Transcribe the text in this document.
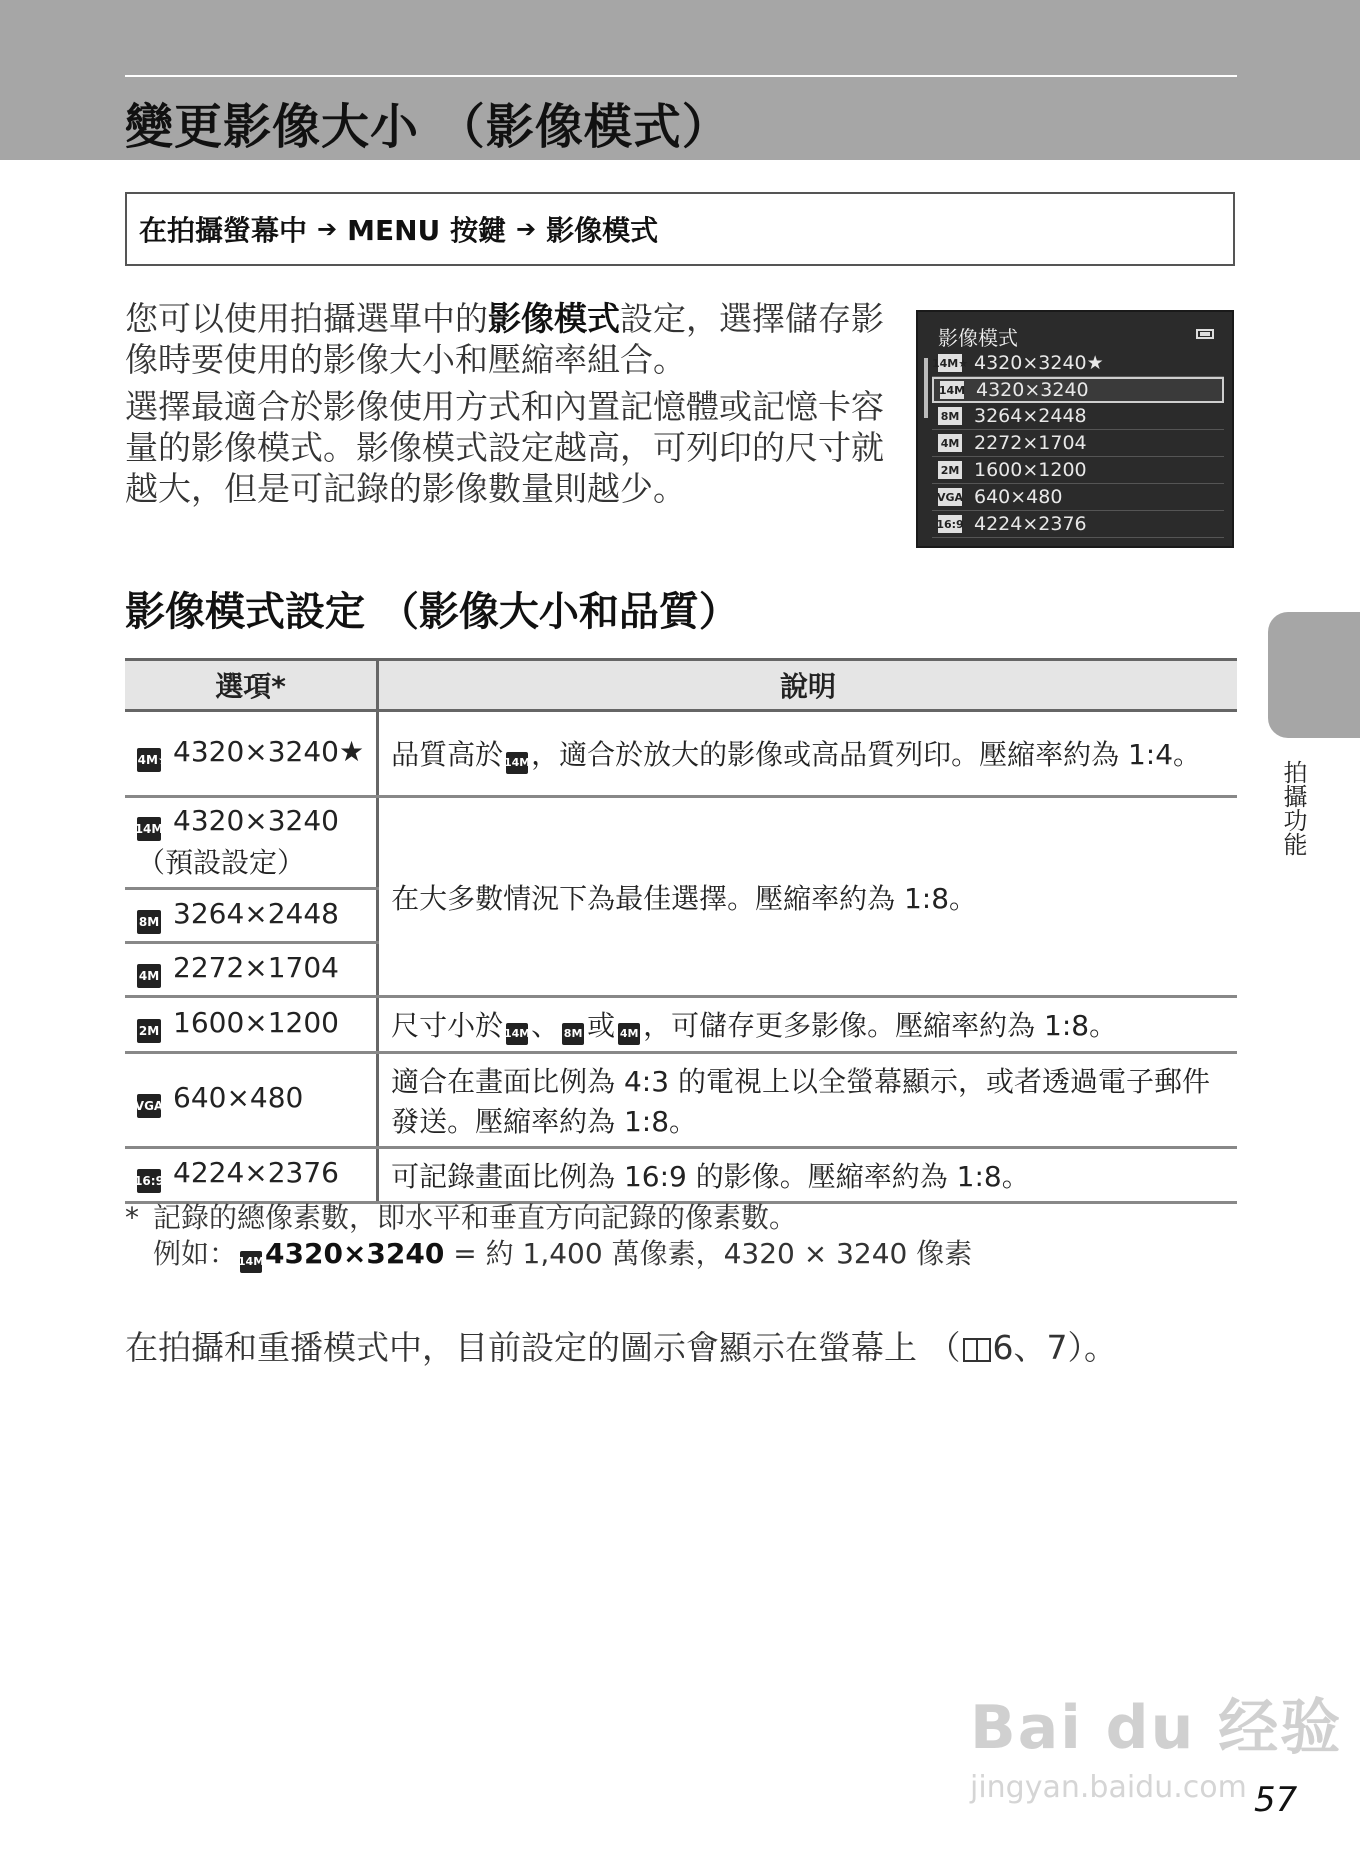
變更影像大小 （影像模式）
在拍攝螢幕中 ➔ MENU 按鍵 ➔ 影像模式

您可以使用拍攝選單中的影像模式設定，選擇儲存影像時要使用的影像大小和壓縮率組合。

選擇最適合於影像使用方式和內置記憶體或記憶卡容量的影像模式。影像模式設定越高，可列印的尺寸就越大，但是可記錄的影像數量則越少。

影像模式
14M★ 4320×3240★
14M 4320×3240
8M 3264×2448
4M 2272×1704
2M 1600×1200
VGA 640×480
16:9 4224×2376
影像模式設定 （影像大小和品質）
拍攝功能
選項*	說明
14M★ 4320×3240★	品質高於14M，適合於放大的影像或高品質列印。壓縮率約為 1:4。
14M 4320×3240
（預設設定）	在大多數情況下為最佳選擇。壓縮率約為 1:8。
8M 3264×2448	
4M 2272×1704	
2M 1600×1200	尺寸小於14M、 8M 或 4M ，可儲存更多影像。壓縮率約為 1:8。
VGA 640×480	適合在畫面比例為 4:3 的電視上以全螢幕顯示，或者透過電子郵件發送。壓縮率約為 1:8。
16:9 4224×2376	可記錄畫面比例為 16:9 的影像。壓縮率約為 1:8。
* 記錄的總像素數，即水平和垂直方向記錄的像素數。
例如：14M4320×3240 = 約 1,400 萬像素，4320 × 3240 像素
在拍攝和重播模式中，目前設定的圖示會顯示在螢幕上 （ 6、7）。
Bai du 经验
jingyan.baidu.com 57
